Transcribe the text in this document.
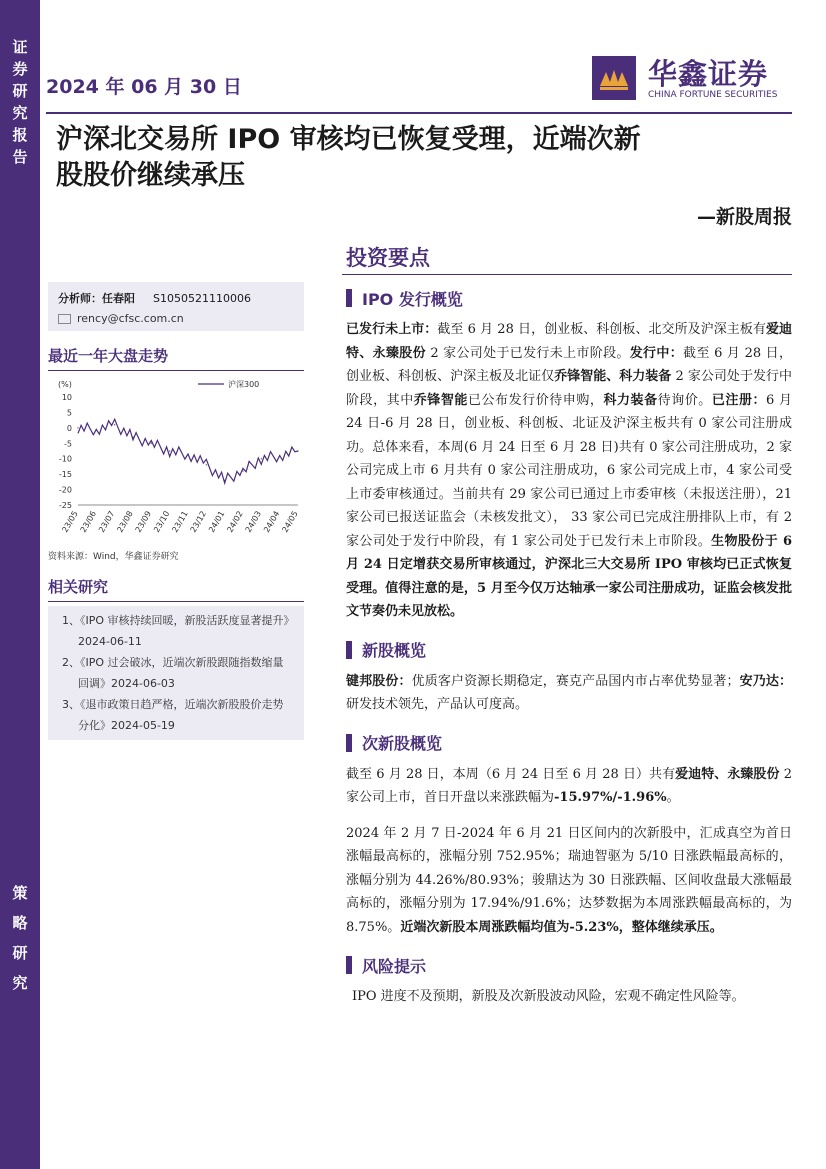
证
券
研
究
报
告
策
略
研
究
2024 年 06 月 30 日	华鑫证券
CHINA FORTUNE SECURITIES
沪深北交易所 IPO 审核均已恢复受理，近端次新
股股价继续承压
—新股周报
投资要点
分析师：任春阳 S1050521110006
rency@cfsc.com.cn
最近一年大盘走势
(%)	沪深300
10
5
0
-5
-10
-15
-20
-25
23/05 23/06 23/07 23/08 23/09 23/10 23/11 23/12 24/01 24/02 24/03 24/04 24/05
资料来源：Wind，华鑫证券研究
相关研究
1、《IPO 审核持续回暖，新股活跃度显著提升》2024-06-11
2、《IPO 过会破冰，近端次新股跟随指数缩量回调》2024-06-03
3、《退市政策日趋严格，近端次新股股价走势分化》2024-05-19
IPO 发行概览
已发行未上市：截至 6 月 28 日，创业板、科创板、北交所及沪深主板有爱迪特、永臻股份 2 家公司处于已发行未上市阶段。发行中：截至 6 月 28 日，创业板、科创板、沪深主板及北证仅乔锋智能、科力装备 2 家公司处于发行中阶段，其中乔锋智能已公布发行价待申购，科力装备待询价。已注册：6 月 24 日-6 月 28 日，创业板、科创板、北证及沪深主板共有 0 家公司注册成功。总体来看，本周(6 月 24 日至 6 月 28 日)共有 0 家公司注册成功，2 家公司完成上市 6 月共有 0 家公司注册成功，6 家公司完成上市，4 家公司受上市委审核通过。当前共有 29 家公司已通过上市委审核（未报送注册），21 家公司已报送证监会（未核发批文）， 33 家公司已完成注册排队上市，有 2 家公司处于发行中阶段，有 1 家公司处于已发行未上市阶段。生物股份于 6 月 24 日定增获交易所审核通过，沪深北三大交易所 IPO 审核均已正式恢复受理。值得注意的是，5 月至今仅万达轴承一家公司注册成功，证监会核发批文节奏仍未见放松。
新股概览
键邦股份：优质客户资源长期稳定，赛克产品国内市占率优势显著；安乃达：研发技术领先，产品认可度高。
次新股概览
截至 6 月 28 日，本周（6 月 24 日至 6 月 28 日）共有爱迪特、永臻股份 2 家公司上市，首日开盘以来涨跌幅为-15.97%/-1.96%。
2024 年 2 月 7 日-2024 年 6 月 21 日区间内的次新股中，汇成真空为首日涨幅最高标的，涨幅分别 752.95%；瑞迪智驱为 5/10 日涨跌幅最高标的，涨幅分别为 44.26%/80.93%；骏鼎达为 30 日涨跌幅、区间收盘最大涨幅最高标的，涨幅分别为 17.94%/91.6%；达梦数据为本周涨跌幅最高标的，为 8.75%。近端次新股本周涨跌幅均值为-5.23%，整体继续承压。
风险提示
IPO 进度不及预期，新股及次新股波动风险，宏观不确定性风险等。
